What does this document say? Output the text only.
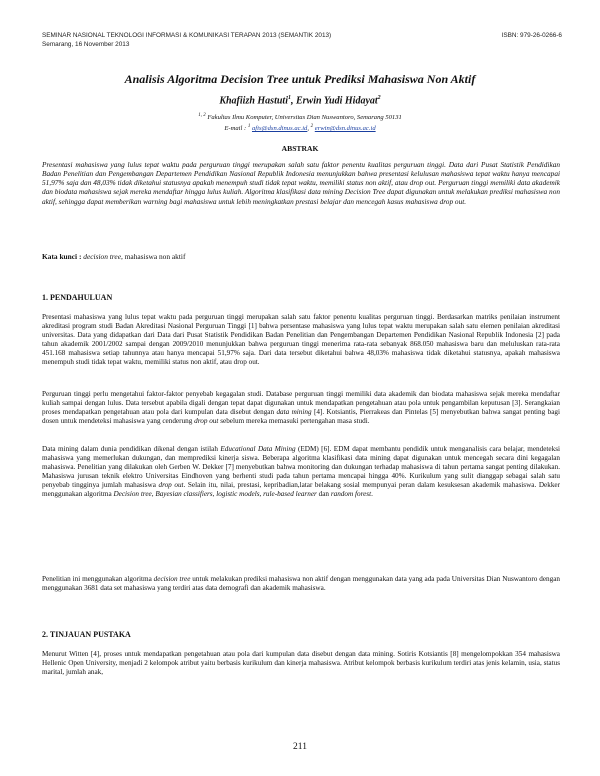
SEMINAR NASIONAL TEKNOLOGI INFORMASI & KOMUNIKASI TERAPAN 2013 (SEMANTIK 2013)	ISBN: 979-26-0266-6
Semarang, 16 November 2013
Analisis Algoritma Decision Tree untuk Prediksi Mahasiswa Non Aktif
Khafiizh Hastuti$^1$, Erwin Yudi Hidayat$^2$
$^{1, 2}$ Fakultas Ilmu Komputer, Universitas Dian Nuswantoro, Semarang 50131
E-mail : $^1$ afis@dsn.dinus.ac.id, $^2$ erwin@dsn.dinus.ac.id
ABSTRAK

Presentasi mahasiswa yang lulus tepat waktu pada perguruan tinggi merupakan salah satu faktor penentu kualitas perguruan tinggi. Data dari Pusat Statistik Pendidikan Badan Penelitian dan Pengembangan Departemen Pendidikan Nasional Republik Indonesia menunjukkan bahwa presentasi kelulusan mahasiswa tepat waktu hanya mencapai 51,97% saja dan 48,03% tidak diketahui statusnya apakah menempuh studi tidak tepat waktu, memiliki status non aktif, atau drop out. Perguruan tinggi memiliki data akademik dan biodata mahasiswa sejak mereka mendaftar hingga lulus kuliah. Algoritma klasifikasi data mining Decision Tree dapat digunakan untuk melakukan prediksi mahasiswa non aktif, sehingga dapat memberikan warning bagi mahasiswa untuk lebih meningkatkan prestasi belajar dan mencegah kasus mahasiswa drop out.

Kata kunci : decision tree, mahasiswa non aktif
1. PENDAHULUAN

Presentasi mahasiswa yang lulus tepat waktu pada perguruan tinggi merupakan salah satu faktor penentu kualitas perguruan tinggi. Berdasarkan matriks penilaian instrument akreditasi program studi Badan Akreditasi Nasional Perguruan Tinggi [1] bahwa persentase mahasiswa yang lulus tepat waktu merupakan salah satu elemen penilaian akreditasi universitas. Data yang didapatkan dari Data dari Pusat Statistik Pendidikan Badan Penelitian dan Pengembangan Departemen Pendidikan Nasional Republik Indonesia [2] pada tahun akademik 2001/2002 sampai dengan 2009/2010 menunjukkan bahwa perguruan tinggi menerima rata-rata sebanyak 868.050 mahasiswa baru dan meluluskan rata-rata 451.168 mahasiswa setiap tahunnya atau hanya mencapai 51,97% saja. Dari data tersebut diketahui bahwa 48,03% mahasiswa tidak diketahui statusnya, apakah mahasiswa menempuh studi tidak tepat waktu, memiliki status non aktif, atau drop out.

Perguruan tinggi perlu mengetahui faktor-faktor penyebab kegagalan studi. Database perguruan tinggi memiliki data akademik dan biodata mahasiswa sejak mereka mendaftar kuliah sampai dengan lulus. Data tersebut apabila digali dengan tepat dapat digunakan untuk mendapatkan pengetahuan atau pola untuk pengambilan keputusan [3]. Serangkaian proses mendapatkan pengetahuan atau pola dari kumpulan data disebut dengan data mining [4]. Kotsiantis, Pierrakeas dan Pintelas [5] menyebutkan bahwa sangat penting bagi dosen untuk mendeteksi mahasiswa yang cenderung drop out sebelum mereka memasuki pertengahan masa studi.

Data mining dalam dunia pendidikan dikenal dengan istilah Educational Data Mining (EDM) [6]. EDM dapat membantu pendidik untuk menganalisis cara belajar, mendeteksi mahasiswa yang memerlukan dukungan, dan memprediksi kinerja siswa. Beberapa algoritma klasifikasi data mining dapat digunakan untuk mencegah secara dini kegagalan mahasiswa. Penelitian yang dilakukan oleh Gerben W. Dekker [7] menyebutkan bahwa monitoring dan dukungan terhadap mahasiswa di tahun pertama sangat penting dilakukan. Mahasiswa jurusan teknik elektro Universitas Eindhoven yang berhenti studi pada tahun pertama mencapai hingga 40%. Kurikulum yang sulit dianggap sebagai salah satu penyebab tingginya jumlah mahasiswa drop out. Selain itu, nilai, prestasi, kepribadian,latar belakang sosial mempunyai peran dalam kesuksesan akademik mahasiswa. Dekker menggunakan algoritma Decision tree, Bayesian classifiers, logistic models, rule-based learner dan random forest.

Penelitian ini menggunakan algoritma decision tree untuk melakukan prediksi mahasiswa non aktif dengan menggunakan data yang ada pada Universitas Dian Nuswantoro dengan menggunakan 3681 data set mahasiswa yang terdiri atas data demografi dan akademik mahasiswa.

2. TINJAUAN PUSTAKA

Menurut Witten [4], proses untuk mendapatkan pengetahuan atau pola dari kumpulan data disebut dengan data mining. Sotiris Kotsiantis [8] mengelompokkan 354 mahasiswa Hellenic Open University, menjadi 2 kelompok atribut yaitu berbasis kurikulum dan kinerja mahasiswa. Atribut kelompok berbasis kurikulum terdiri atas jenis kelamin, usia, status marital, jumlah anak,

211
